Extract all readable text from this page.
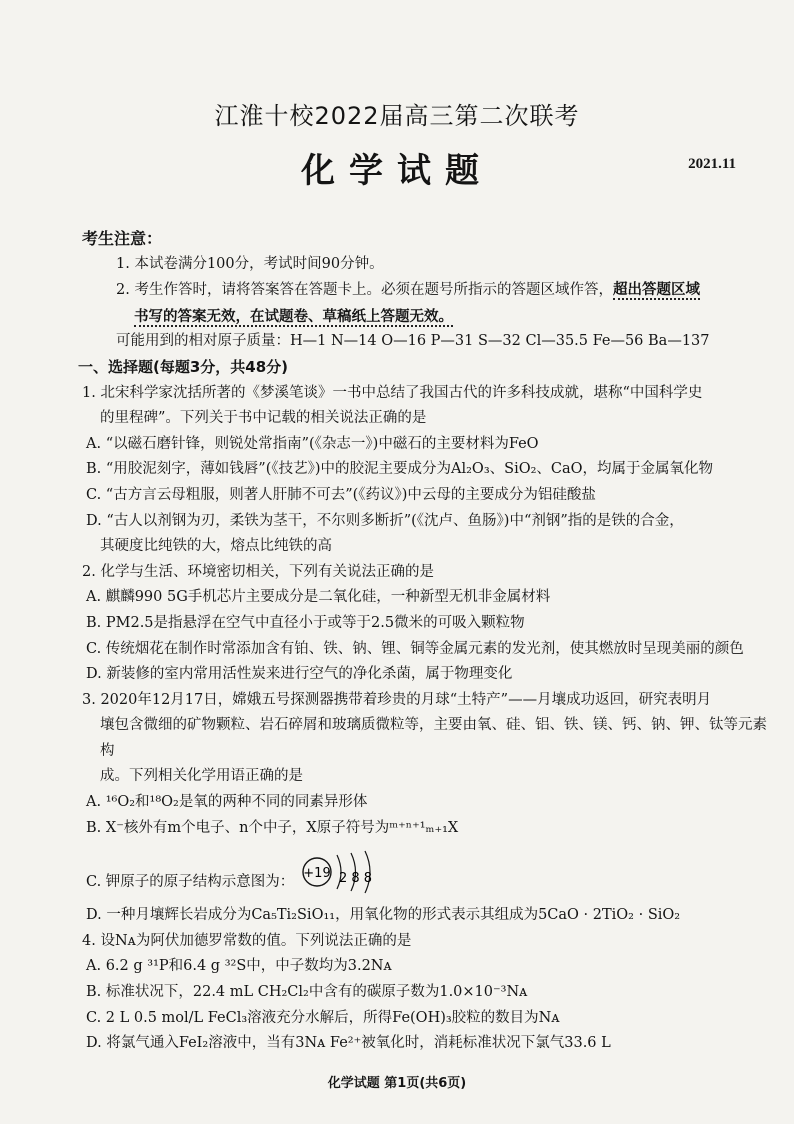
江淮十校2022届高三第二次联考
化学试题	2021.11
考生注意：
1. 本试卷满分100分，考试时间90分钟。
2. 考生作答时，请将答案答在答题卡上。必须在题号所指示的答题区域作答，超出答题区域
书写的答案无效，在试题卷、草稿纸上答题无效。
可能用到的相对原子质量：H—1 N—14 O—16 P—31 S—32 Cl—35.5 Fe—56 Ba—137
一、选择题(每题3分，共48分)
1. 北宋科学家沈括所著的《梦溪笔谈》一书中总结了我国古代的许多科技成就，堪称“中国科学史
的里程碑”。下列关于书中记载的相关说法正确的是
A. “以磁石磨针锋，则锐处常指南”(《杂志一》)中磁石的主要材料为FeO
B. “用胶泥刻字，薄如钱唇”(《技艺》)中的胶泥主要成分为Al₂O₃、SiO₂、CaO，均属于金属氧化物
C. “古方言云母粗服，则著人肝肺不可去”(《药议》)中云母的主要成分为铝硅酸盐
D. “古人以剂钢为刃，柔铁为茎干，不尔则多断折”(《沈卢、鱼肠》)中“剂钢”指的是铁的合金，
其硬度比纯铁的大，熔点比纯铁的高
2. 化学与生活、环境密切相关，下列有关说法正确的是
A. 麒麟990 5G手机芯片主要成分是二氧化硅，一种新型无机非金属材料
B. PM2.5是指悬浮在空气中直径小于或等于2.5微米的可吸入颗粒物
C. 传统烟花在制作时常添加含有铂、铁、钠、锂、铜等金属元素的发光剂，使其燃放时呈现美丽的颜色
D. 新装修的室内常用活性炭来进行空气的净化杀菌，属于物理变化
3. 2020年12月17日，嫦娥五号探测器携带着珍贵的月球“土特产”——月壤成功返回，研究表明月
壤包含微细的矿物颗粒、岩石碎屑和玻璃质微粒等，主要由氧、硅、铝、铁、镁、钙、钠、钾、钛等元素构
成。下列相关化学用语正确的是
A. ¹⁶O₂和¹⁸O₂是氧的两种不同的同素异形体
B. X⁻核外有m个电子、n个中子，X原子符号为ᵐ⁺ⁿ⁺¹ₘ₊₁X
C. 钾原子的原子结构示意图为：
+19 2 8 8
D. 一种月壤辉长岩成分为Ca₅Ti₂SiO₁₁，用氧化物的形式表示其组成为5CaO · 2TiO₂ · SiO₂
4. 设Nᴀ为阿伏加德罗常数的值。下列说法正确的是
A. 6.2 g ³¹P和6.4 g ³²S中，中子数均为3.2Nᴀ
B. 标准状况下，22.4 mL CH₂Cl₂中含有的碳原子数为1.0×10⁻³Nᴀ
C. 2 L 0.5 mol/L FeCl₃溶液充分水解后，所得Fe(OH)₃胶粒的数目为Nᴀ
D. 将氯气通入FeI₂溶液中，当有3Nᴀ Fe²⁺被氧化时，消耗标准状况下氯气33.6 L
化学试题 第1页(共6页)
